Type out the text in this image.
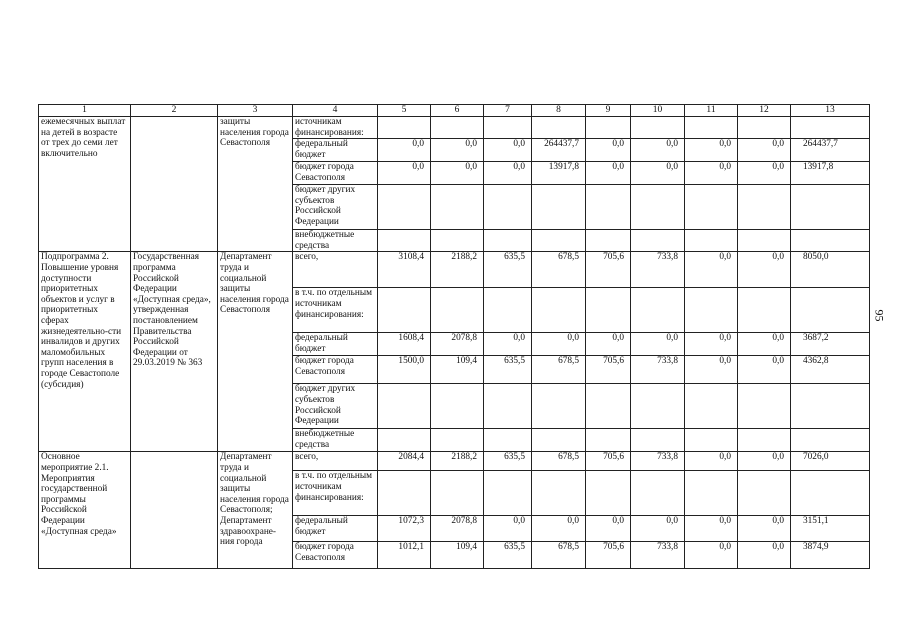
95
1	2	3	4	5	6	7	8	9	10	11	12	13
ежемесячных выплат на детей в возрасте от трех до семи лет включительно		защиты населения города Севастополя	источникам финансирования:									
			федеральный бюджет	0,0	0,0	0,0	264437,7	0,0	0,0	0,0	0,0	264437,7
			бюджет города Севастополя	0,0	0,0	0,0	13917,8	0,0	0,0	0,0	0,0	13917,8
			бюджет других субъектов Российской Федерации									
			внебюджетные средства									
Подпрограмма 2. Повышение уровня доступности приоритетных объектов и услуг в приоритетных сферах жизнедеятельно-сти инвалидов и других маломобильных групп населения в городе Севастополе (субсидия)	Государственная программа Российской Федерации «Доступная среда», утвержденная постановлением Правительства Российской Федерации от 29.03.2019 № 363	Департамент труда и социальной защиты населения города Севастополя	всего,	3108,4	2188,2	635,5	678,5	705,6	733,8	0,0	0,0	8050,0
			в т.ч. по отдельным источникам финансирования:									
			федеральный бюджет	1608,4	2078,8	0,0	0,0	0,0	0,0	0,0	0,0	3687,2
			бюджет города Севастополя	1500,0	109,4	635,5	678,5	705,6	733,8	0,0	0,0	4362,8
			бюджет других субъектов Российской Федерации									
			внебюджетные средства									
Основное мероприятие 2.1. Мероприятия государственной программы Российской Федерации «Доступная среда»		Департамент труда и социальной защиты населения города Севастополя; Департамент здравоохране-ния города	всего,	2084,4	2188,2	635,5	678,5	705,6	733,8	0,0	0,0	7026,0
			в т.ч. по отдельным источникам финансирования:									
			федеральный бюджет	1072,3	2078,8	0,0	0,0	0,0	0,0	0,0	0,0	3151,1
			бюджет города Севастополя	1012,1	109,4	635,5	678,5	705,6	733,8	0,0	0,0	3874,9
